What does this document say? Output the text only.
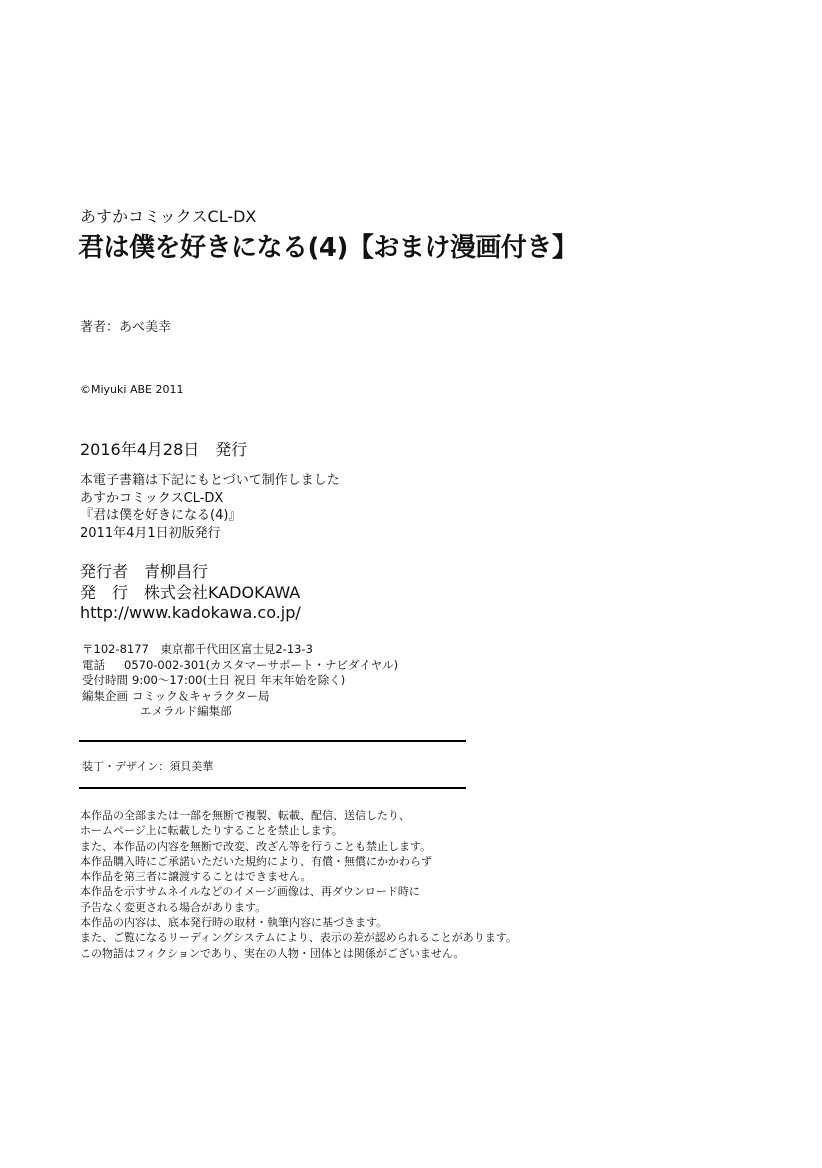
あすかコミックスCL-DX
君は僕を好きになる(4)【おまけ漫画付き】
著者：あべ美幸
©Miyuki ABE 2011
2016年4月28日　発行
本電子書籍は下記にもとづいて制作しました
あすかコミックスCL-DX
『君は僕を好きになる(4)』
2011年4月1日初版発行
発行者　青柳昌行
発　行　株式会社KADOKAWA
http://www.kadokawa.co.jp/
〒102-8177　東京都千代田区富士見2-13-3
電話	0570-002-301(カスタマーサポート・ナビダイヤル)
受付時間 9:00〜17:00(土日 祝日 年末年始を除く)
編集企画 コミック＆キャラクター局
エメラルド編集部
装丁・デザイン：須貝美華
本作品の全部または一部を無断で複製、転載、配信、送信したり、
ホームページ上に転載したりすることを禁止します。
また、本作品の内容を無断で改変、改ざん等を行うことも禁止します。
本作品購入時にご承諾いただいた規約により、有償・無償にかかわらず
本作品を第三者に譲渡することはできません。
本作品を示すサムネイルなどのイメージ画像は、再ダウンロード時に
予告なく変更される場合があります。
本作品の内容は、底本発行時の取材・執筆内容に基づきます。
また、ご覧になるリーディングシステムにより、表示の差が認められることがあります。
この物語はフィクションであり、実在の人物・団体とは関係がございません。
